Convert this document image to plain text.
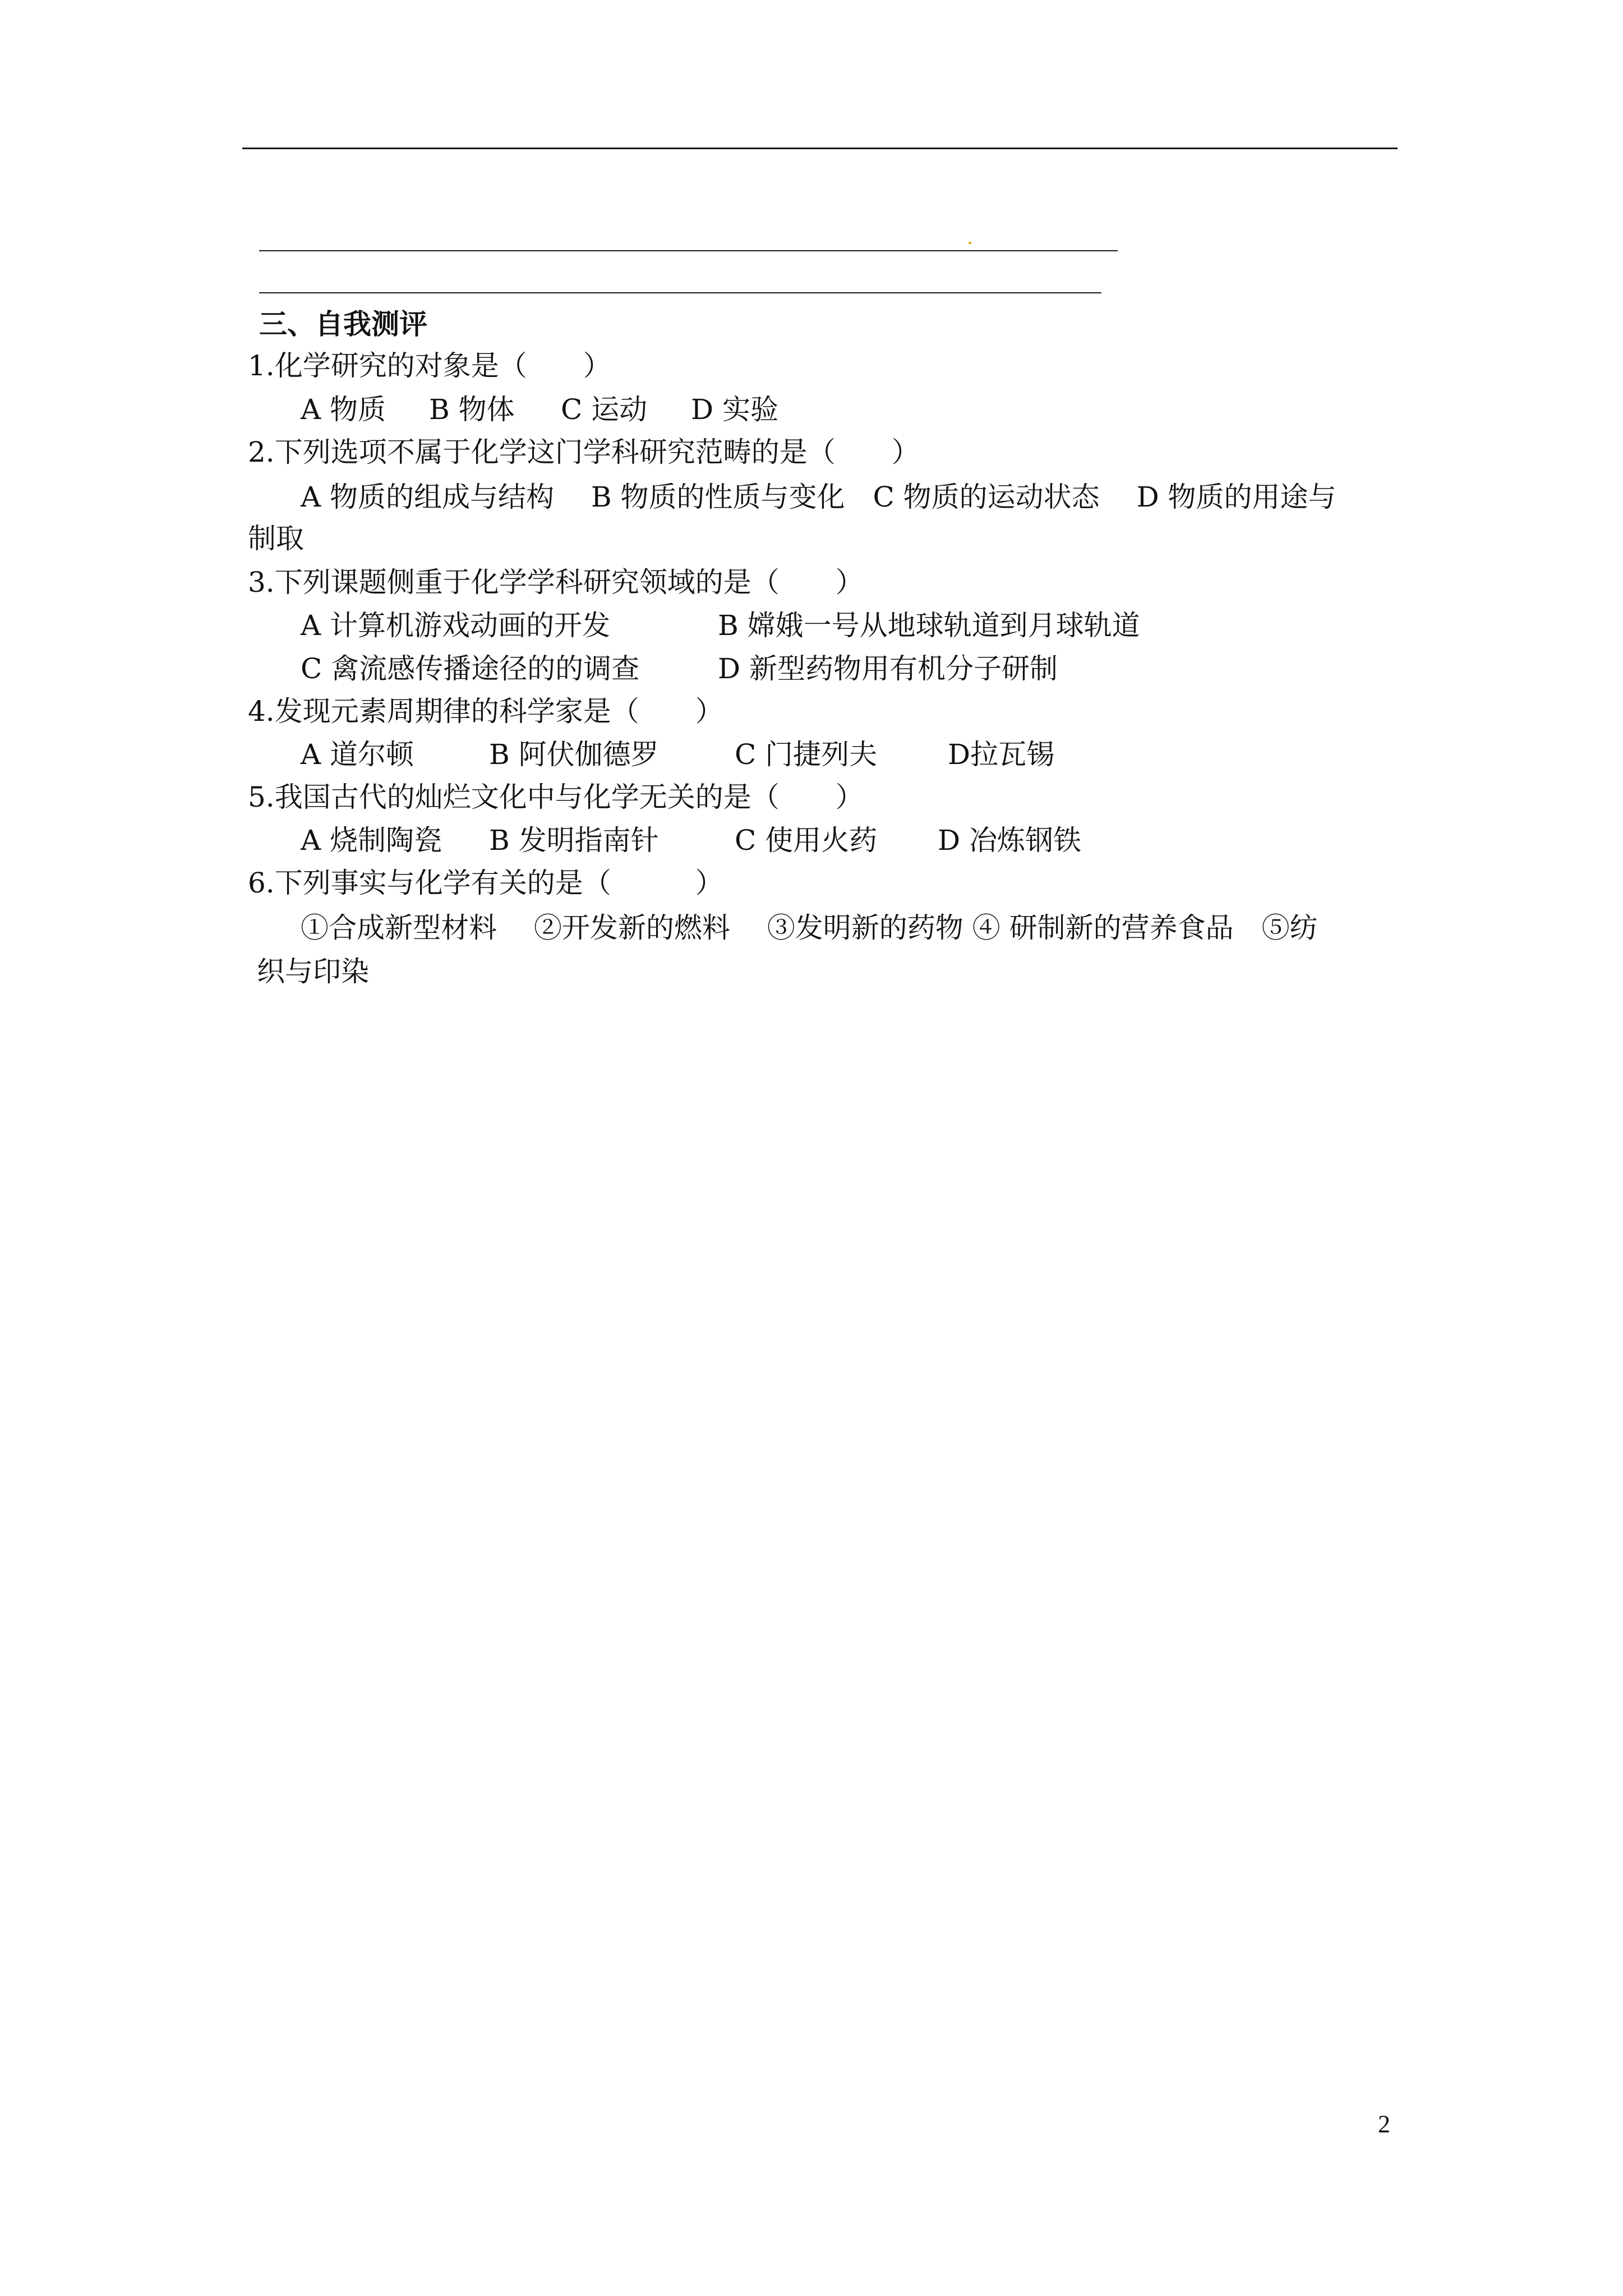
三、自我测评
1.化学研究的对象是（　　）
A 物质 B 物体 C 运动 D 实验
2.下列选项不属于化学这门学科研究范畴的是（　　）
A 物质的组成与结构　 B 物质的性质与变化　C 物质的运动状态　 D 物质的用途与
制取
3.下列课题侧重于化学学科研究领域的是（　　）
A 计算机游戏动画的开发	B 嫦娥一号从地球轨道到月球轨道
C 禽流感传播途径的的调查	D 新型药物用有机分子研制
4.发现元素周期律的科学家是（　　）
A 道尔顿	B 阿伏伽德罗	C 门捷列夫	D拉瓦锡
5.我国古代的灿烂文化中与化学无关的是（　　）
A 烧制陶瓷 B 发明指南针	C 使用火药 D 冶炼钢铁
6.下列事实与化学有关的是（　　　）
①合成新型材料　 ②开发新的燃料　 ③发明新的药物 ④ 研制新的营养食品　⑤纺
织与印染
2
